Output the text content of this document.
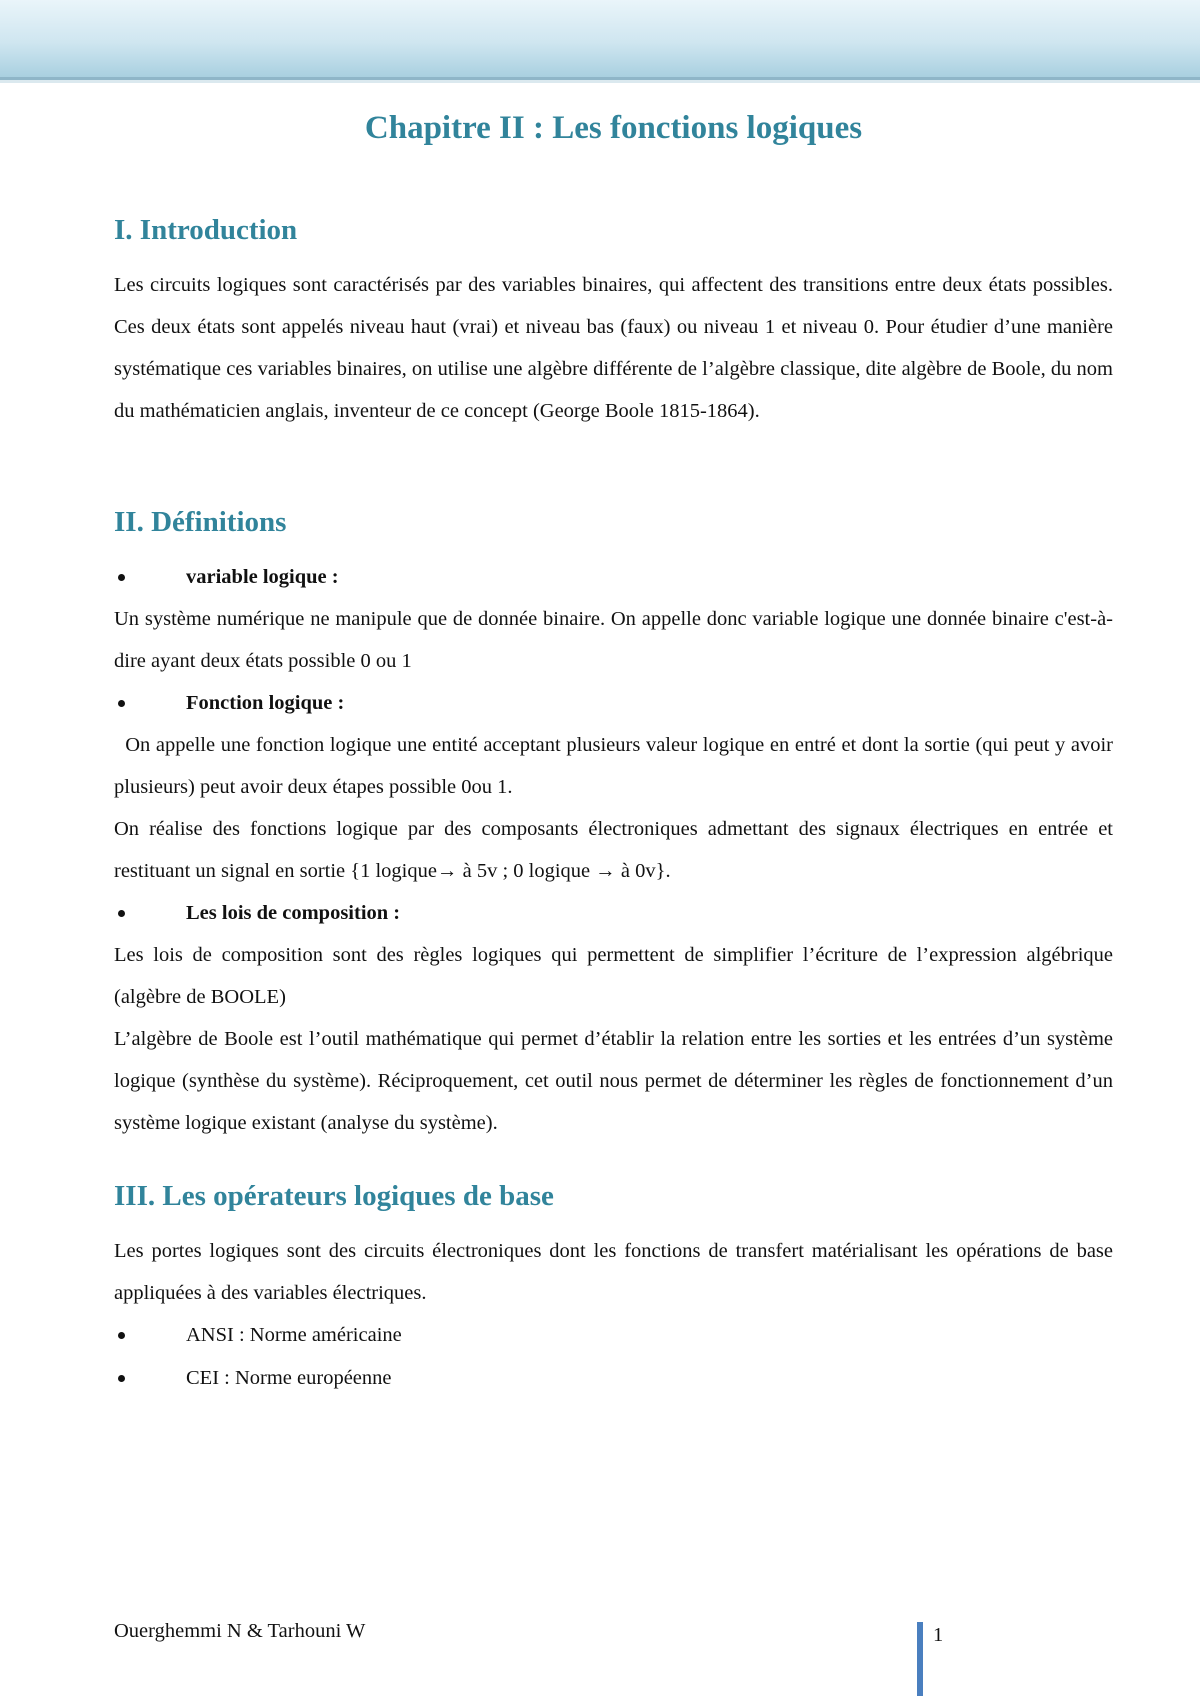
Chapitre II : Les fonctions logiques
I. Introduction

Les circuits logiques sont caractérisés par des variables binaires, qui affectent des transitions entre deux états possibles. Ces deux états sont appelés niveau haut (vrai) et niveau bas (faux) ou niveau 1 et niveau 0. Pour étudier d’une manière systématique ces variables binaires, on utilise une algèbre différente de l’algèbre classique, dite algèbre de Boole, du nom du mathématicien anglais, inventeur de ce concept (George Boole 1815-1864).

II. Définitions
variable logique :

Un système numérique ne manipule que de donnée binaire. On appelle donc variable logique une donnée binaire c'est-à-dire ayant deux états possible 0 ou 1

Fonction logique :

On appelle une fonction logique une entité acceptant plusieurs valeur logique en entré et dont la sortie (qui peut y avoir plusieurs) peut avoir deux étapes possible 0ou 1.

On réalise des fonctions logique par des composants électroniques admettant des signaux électriques en entrée et restituant un signal en sortie {1 logique→ à 5v ; 0 logique → à 0v}.

Les lois de composition :

Les lois de composition sont des règles logiques qui permettent de simplifier l’écriture de l’expression algébrique (algèbre de BOOLE)

L’algèbre de Boole est l’outil mathématique qui permet d’établir la relation entre les sorties et les entrées d’un système logique (synthèse du système). Réciproquement, cet outil nous permet de déterminer les règles de fonctionnement d’un système logique existant (analyse du système).

III. Les opérateurs logiques de base

Les portes logiques sont des circuits électroniques dont les fonctions de transfert matérialisant les opérations de base appliquées à des variables électriques.

ANSI : Norme américaine
CEI : Norme européenne

Ouerghemmi N & Tarhouni W	1
